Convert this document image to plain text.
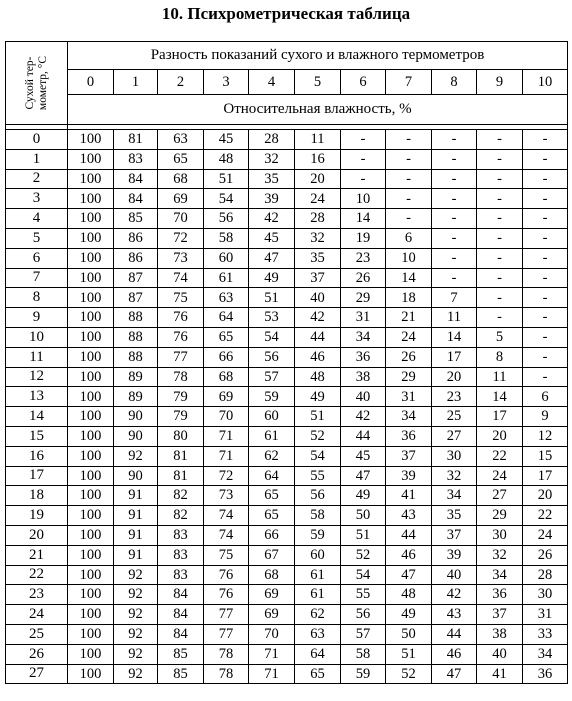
10. Психрометрическая таблица
Сухой тер- мометр, °С	Разность показаний сухого и влажного термометров										
	0	1	2	3	4	5	6	7	8	9	10
	Относительная влажность, %										

0	100	81	63	45	28	11	-	-	-	-	-
1	100	83	65	48	32	16	-	-	-	-	-
2	100	84	68	51	35	20	-	-	-	-	-
3	100	84	69	54	39	24	10	-	-	-	-
4	100	85	70	56	42	28	14	-	-	-	-
5	100	86	72	58	45	32	19	6	-	-	-
6	100	86	73	60	47	35	23	10	-	-	-
7	100	87	74	61	49	37	26	14	-	-	-
8	100	87	75	63	51	40	29	18	7	-	-
9	100	88	76	64	53	42	31	21	11	-	-
10	100	88	76	65	54	44	34	24	14	5	-
11	100	88	77	66	56	46	36	26	17	8	-
12	100	89	78	68	57	48	38	29	20	11	-
13	100	89	79	69	59	49	40	31	23	14	6
14	100	90	79	70	60	51	42	34	25	17	9
15	100	90	80	71	61	52	44	36	27	20	12
16	100	92	81	71	62	54	45	37	30	22	15
17	100	90	81	72	64	55	47	39	32	24	17
18	100	91	82	73	65	56	49	41	34	27	20
19	100	91	82	74	65	58	50	43	35	29	22
20	100	91	83	74	66	59	51	44	37	30	24
21	100	91	83	75	67	60	52	46	39	32	26
22	100	92	83	76	68	61	54	47	40	34	28
23	100	92	84	76	69	61	55	48	42	36	30
24	100	92	84	77	69	62	56	49	43	37	31
25	100	92	84	77	70	63	57	50	44	38	33
26	100	92	85	78	71	64	58	51	46	40	34
27	100	92	85	78	71	65	59	52	47	41	36
